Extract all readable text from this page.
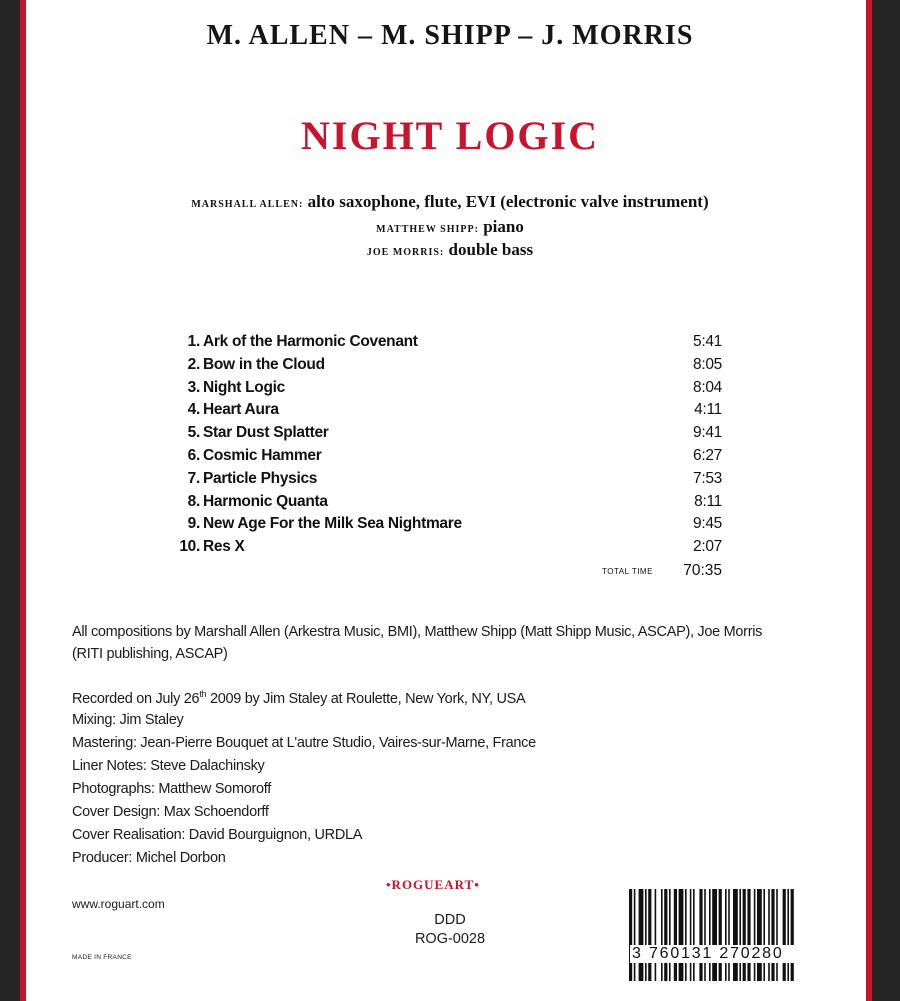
M. ALLEN – M. SHIPP – J. MORRIS
NIGHT LOGIC
MARSHALL ALLEN: alto saxophone, flute, EVI (electronic valve instrument)
MATTHEW SHIPP: piano
JOE MORRIS: double bass
1. Ark of the Harmonic Covenant	5:41
2. Bow in the Cloud	8:05
3. Night Logic	8:04
4. Heart Aura	4:11
5. Star Dust Splatter	9:41
6. Cosmic Hammer	6:27
7. Particle Physics	7:53
8. Harmonic Quanta	8:11
9. New Age For the Milk Sea Nightmare	9:45
10. Res X	2:07
TOTAL TIME 70:35
All compositions by Marshall Allen (Arkestra Music, BMI), Matthew Shipp (Matt Shipp Music, ASCAP), Joe Morris
(RITI publishing, ASCAP)
Recorded on July 26th 2009 by Jim Staley at Roulette, New York, NY, USA
Mixing: Jim Staley
Mastering: Jean-Pierre Bouquet at L'autre Studio, Vaires-sur-Marne, France
Liner Notes: Steve Dalachinsky
Photographs: Matthew Somoroff
Cover Design: Max Schoendorff
Cover Realisation: David Bourguignon, URDLA
Producer: Michel Dorbon
•ROGUEART•
www.roguart.com
MADE IN FRANCE
DDD
ROG-0028
3 760131 270280
